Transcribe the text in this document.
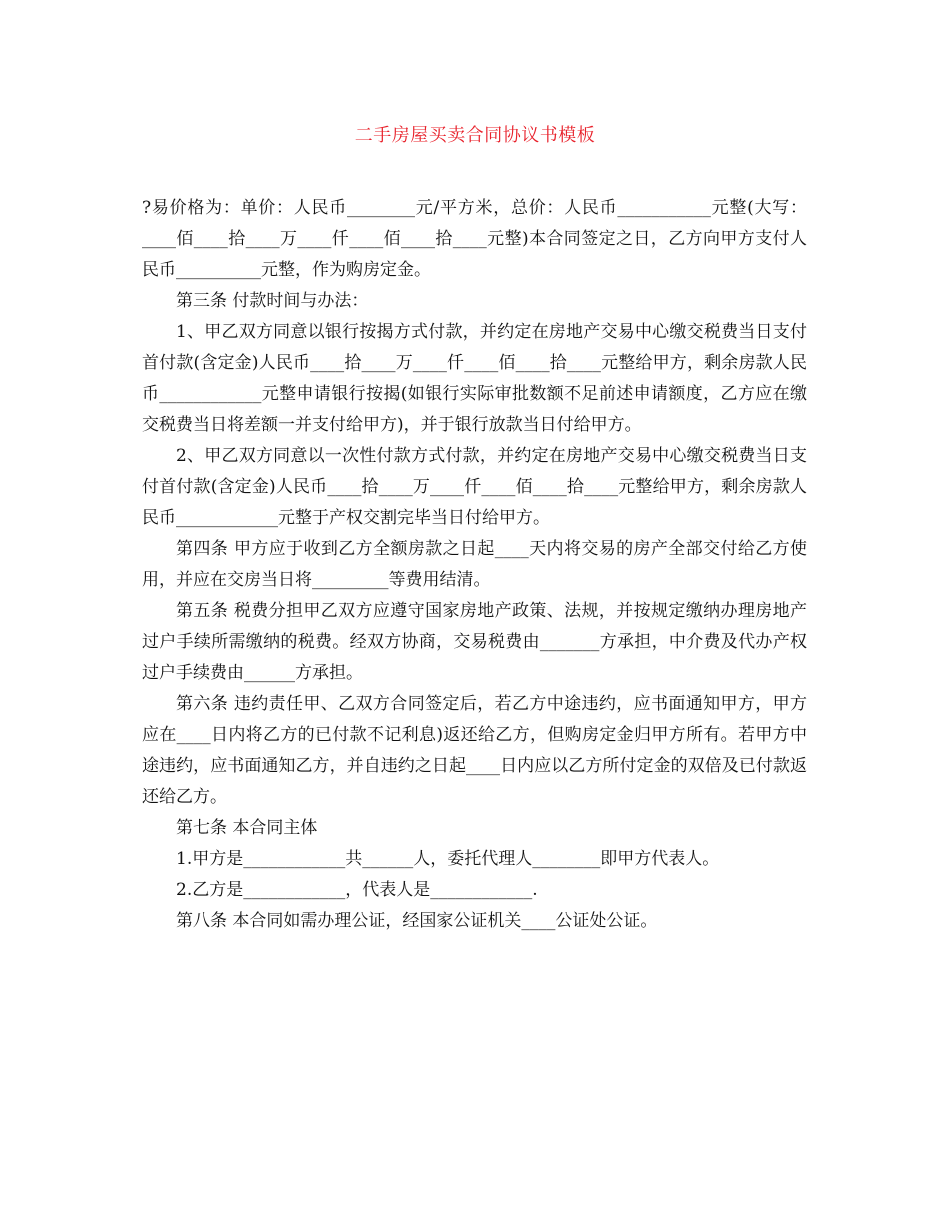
二手房屋买卖合同协议书模板

?易价格为：单价：人民币________元/平方米，总价：人民币___________元整(大写：____佰____拾____万____仟____佰____拾____元整)本合同签定之日，乙方向甲方支付人民币__________元整，作为购房定金。

第三条 付款时间与办法：

1、甲乙双方同意以银行按揭方式付款，并约定在房地产交易中心缴交税费当日支付首付款(含定金)人民币____拾____万____仟____佰____拾____元整给甲方，剩余房款人民币____________元整申请银行按揭(如银行实际审批数额不足前述申请额度，乙方应在缴交税费当日将差额一并支付给甲方)，并于银行放款当日付给甲方。

2、甲乙双方同意以一次性付款方式付款，并约定在房地产交易中心缴交税费当日支付首付款(含定金)人民币____拾____万____仟____佰____拾____元整给甲方，剩余房款人民币____________元整于产权交割完毕当日付给甲方。

第四条 甲方应于收到乙方全额房款之日起____天内将交易的房产全部交付给乙方使用，并应在交房当日将_________等费用结清。

第五条 税费分担甲乙双方应遵守国家房地产政策、法规，并按规定缴纳办理房地产过户手续所需缴纳的税费。经双方协商，交易税费由_______方承担，中介费及代办产权过户手续费由______方承担。

第六条 违约责任甲、乙双方合同签定后，若乙方中途违约，应书面通知甲方，甲方应在____日内将乙方的已付款不记利息)返还给乙方，但购房定金归甲方所有。若甲方中途违约，应书面通知乙方，并自违约之日起____日内应以乙方所付定金的双倍及已付款返还给乙方。

第七条 本合同主体

1.甲方是____________共______人，委托代理人________即甲方代表人。

2.乙方是____________，代表人是____________.

第八条 本合同如需办理公证，经国家公证机关____公证处公证。
